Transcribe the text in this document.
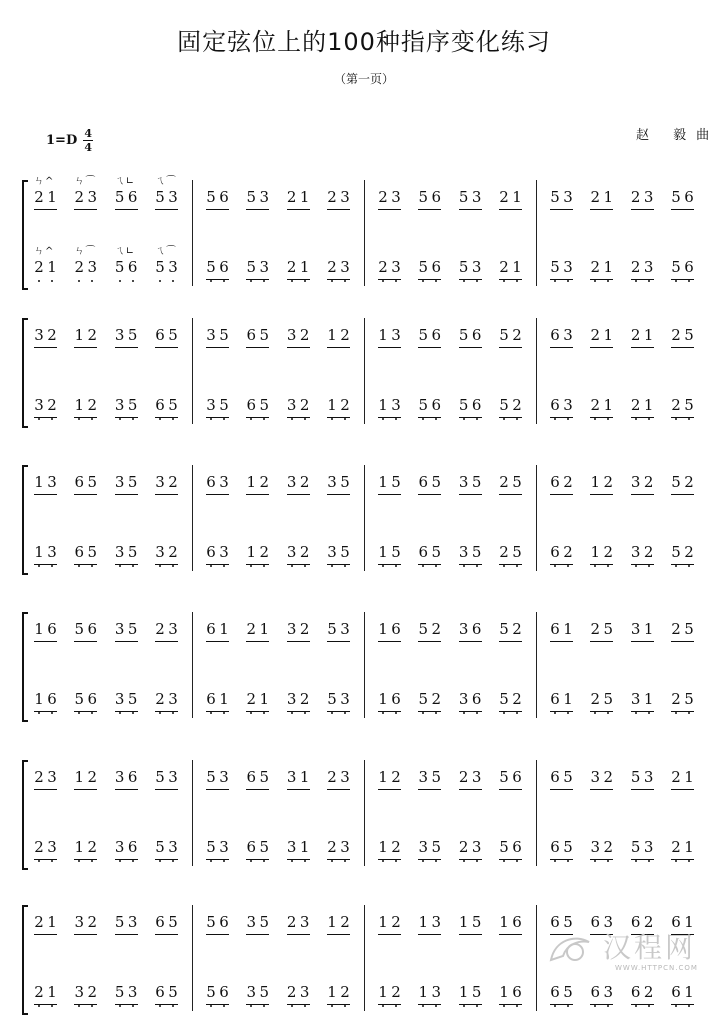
固定弦位上的100种指序变化练习
（第一页）
1=D 4
4
赵 毅曲
2 1
ㄣ^
2 3
ㄣ⌒
5 6
ㄟ∟
5 3
ㄟ⌒
5 6 5 3 2 1 2 3 2 3 5 6 5 3 2 1 5 3 2 1 2 3 5 6
2 1
ㄣ^
2 3
ㄣ⌒
5 6
ㄟ∟
5 3
ㄟ⌒
5 6 5 3 2 1 2 3 2 3 5 6 5 3 2 1 5 3 2 1 2 3 5 6
3 2 1 2 3 5 6 5 3 5 6 5 3 2 1 2 1 3 5 6 5 6 5 2 6 3 2 1 2 1 2 5
3 2 1 2 3 5 6 5 3 5 6 5 3 2 1 2 1 3 5 6 5 6 5 2 6 3 2 1 2 1 2 5
1 3 6 5 3 5 3 2 6 3 1 2 3 2 3 5 1 5 6 5 3 5 2 5 6 2 1 2 3 2 5 2
1 3 6 5 3 5 3 2 6 3 1 2 3 2 3 5 1 5 6 5 3 5 2 5 6 2 1 2 3 2 5 2
1 6 5 6 3 5 2 3 6 1 2 1 3 2 5 3 1 6 5 2 3 6 5 2 6 1 2 5 3 1 2 5
1 6 5 6 3 5 2 3 6 1 2 1 3 2 5 3 1 6 5 2 3 6 5 2 6 1 2 5 3 1 2 5
2 3 1 2 3 6 5 3 5 3 6 5 3 1 2 3 1 2 3 5 2 3 5 6 6 5 3 2 5 3 2 1
2 3 1 2 3 6 5 3 5 3 6 5 3 1 2 3 1 2 3 5 2 3 5 6 6 5 3 2 5 3 2 1
2 1 3 2 5 3 6 5 5 6 3 5 2 3 1 2 1 2 1 3 1 5 1 6 6 5 6 3 6 2 6 1
2 1 3 2 5 3 6 5 5 6 3 5 2 3 1 2 1 2 1 3 1 5 1 6 6 5 6 3 6 2 6 1
汉程网
WWW.HTTPCN.COM
